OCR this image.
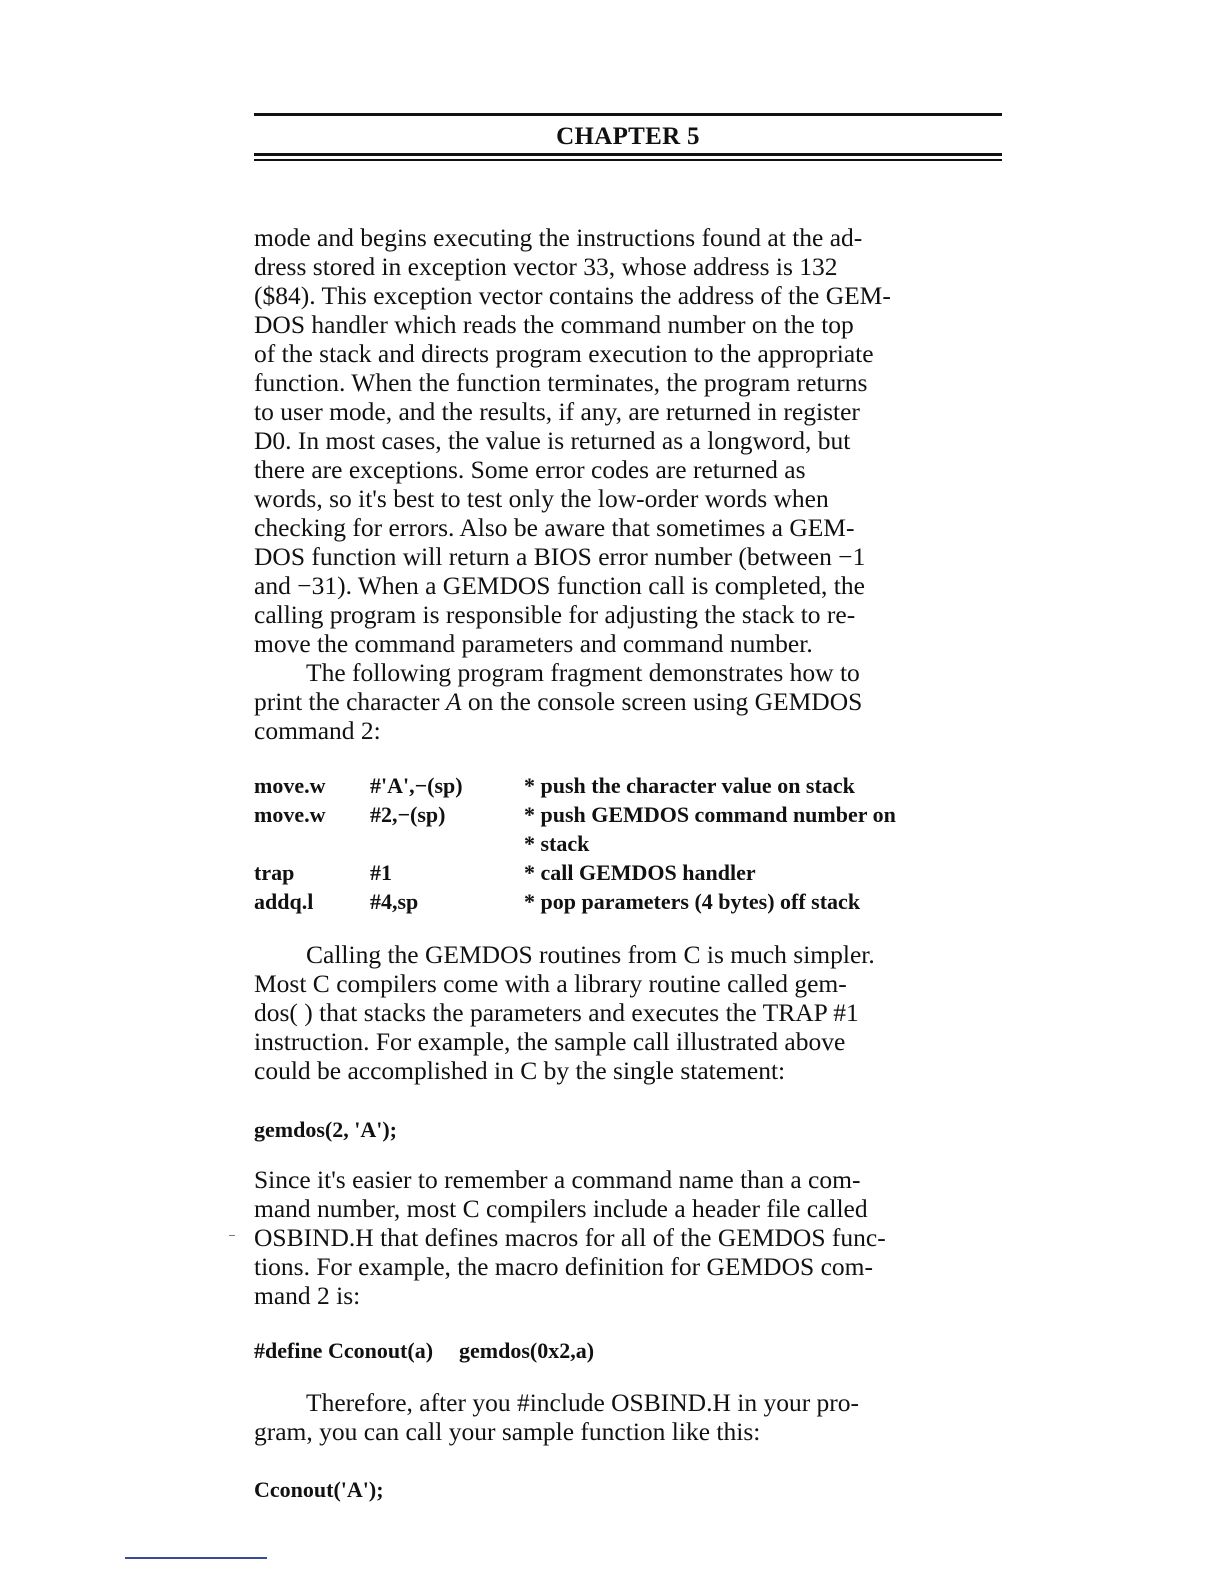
CHAPTER 5
mode and begins executing the instructions found at the ad-
dress stored in exception vector 33, whose address is 132
($84). This exception vector contains the address of the GEM-
DOS handler which reads the command number on the top
of the stack and directs program execution to the appropriate
function. When the function terminates, the program returns
to user mode, and the results, if any, are returned in register
D0. In most cases, the value is returned as a longword, but
there are exceptions. Some error codes are returned as
words, so it's best to test only the low-order words when
checking for errors. Also be aware that sometimes a GEM-
DOS function will return a BIOS error number (between −1
and −31). When a GEMDOS function call is completed, the
calling program is responsible for adjusting the stack to re-
move the command parameters and command number.
The following program fragment demonstrates how to
print the character A on the console screen using GEMDOS
command 2:
move.w #'A',−(sp)	* push the character value on stack
move.w #2,−(sp)	* push GEMDOS command number on
* stack
trap	#1	* call GEMDOS handler
addq.l	#4,sp	* pop parameters (4 bytes) off stack
Calling the GEMDOS routines from C is much simpler.
Most C compilers come with a library routine called gem-
dos( ) that stacks the parameters and executes the TRAP #1
instruction. For example, the sample call illustrated above
could be accomplished in C by the single statement:
gemdos(2, 'A');
Since it's easier to remember a command name than a com-
mand number, most C compilers include a header file called
OSBIND.H that defines macros for all of the GEMDOS func-
tions. For example, the macro definition for GEMDOS com-
mand 2 is:
#define Cconout(a) gemdos(0x2,a)
Therefore, after you #include OSBIND.H in your pro-
gram, you can call your sample function like this:
Cconout('A');
